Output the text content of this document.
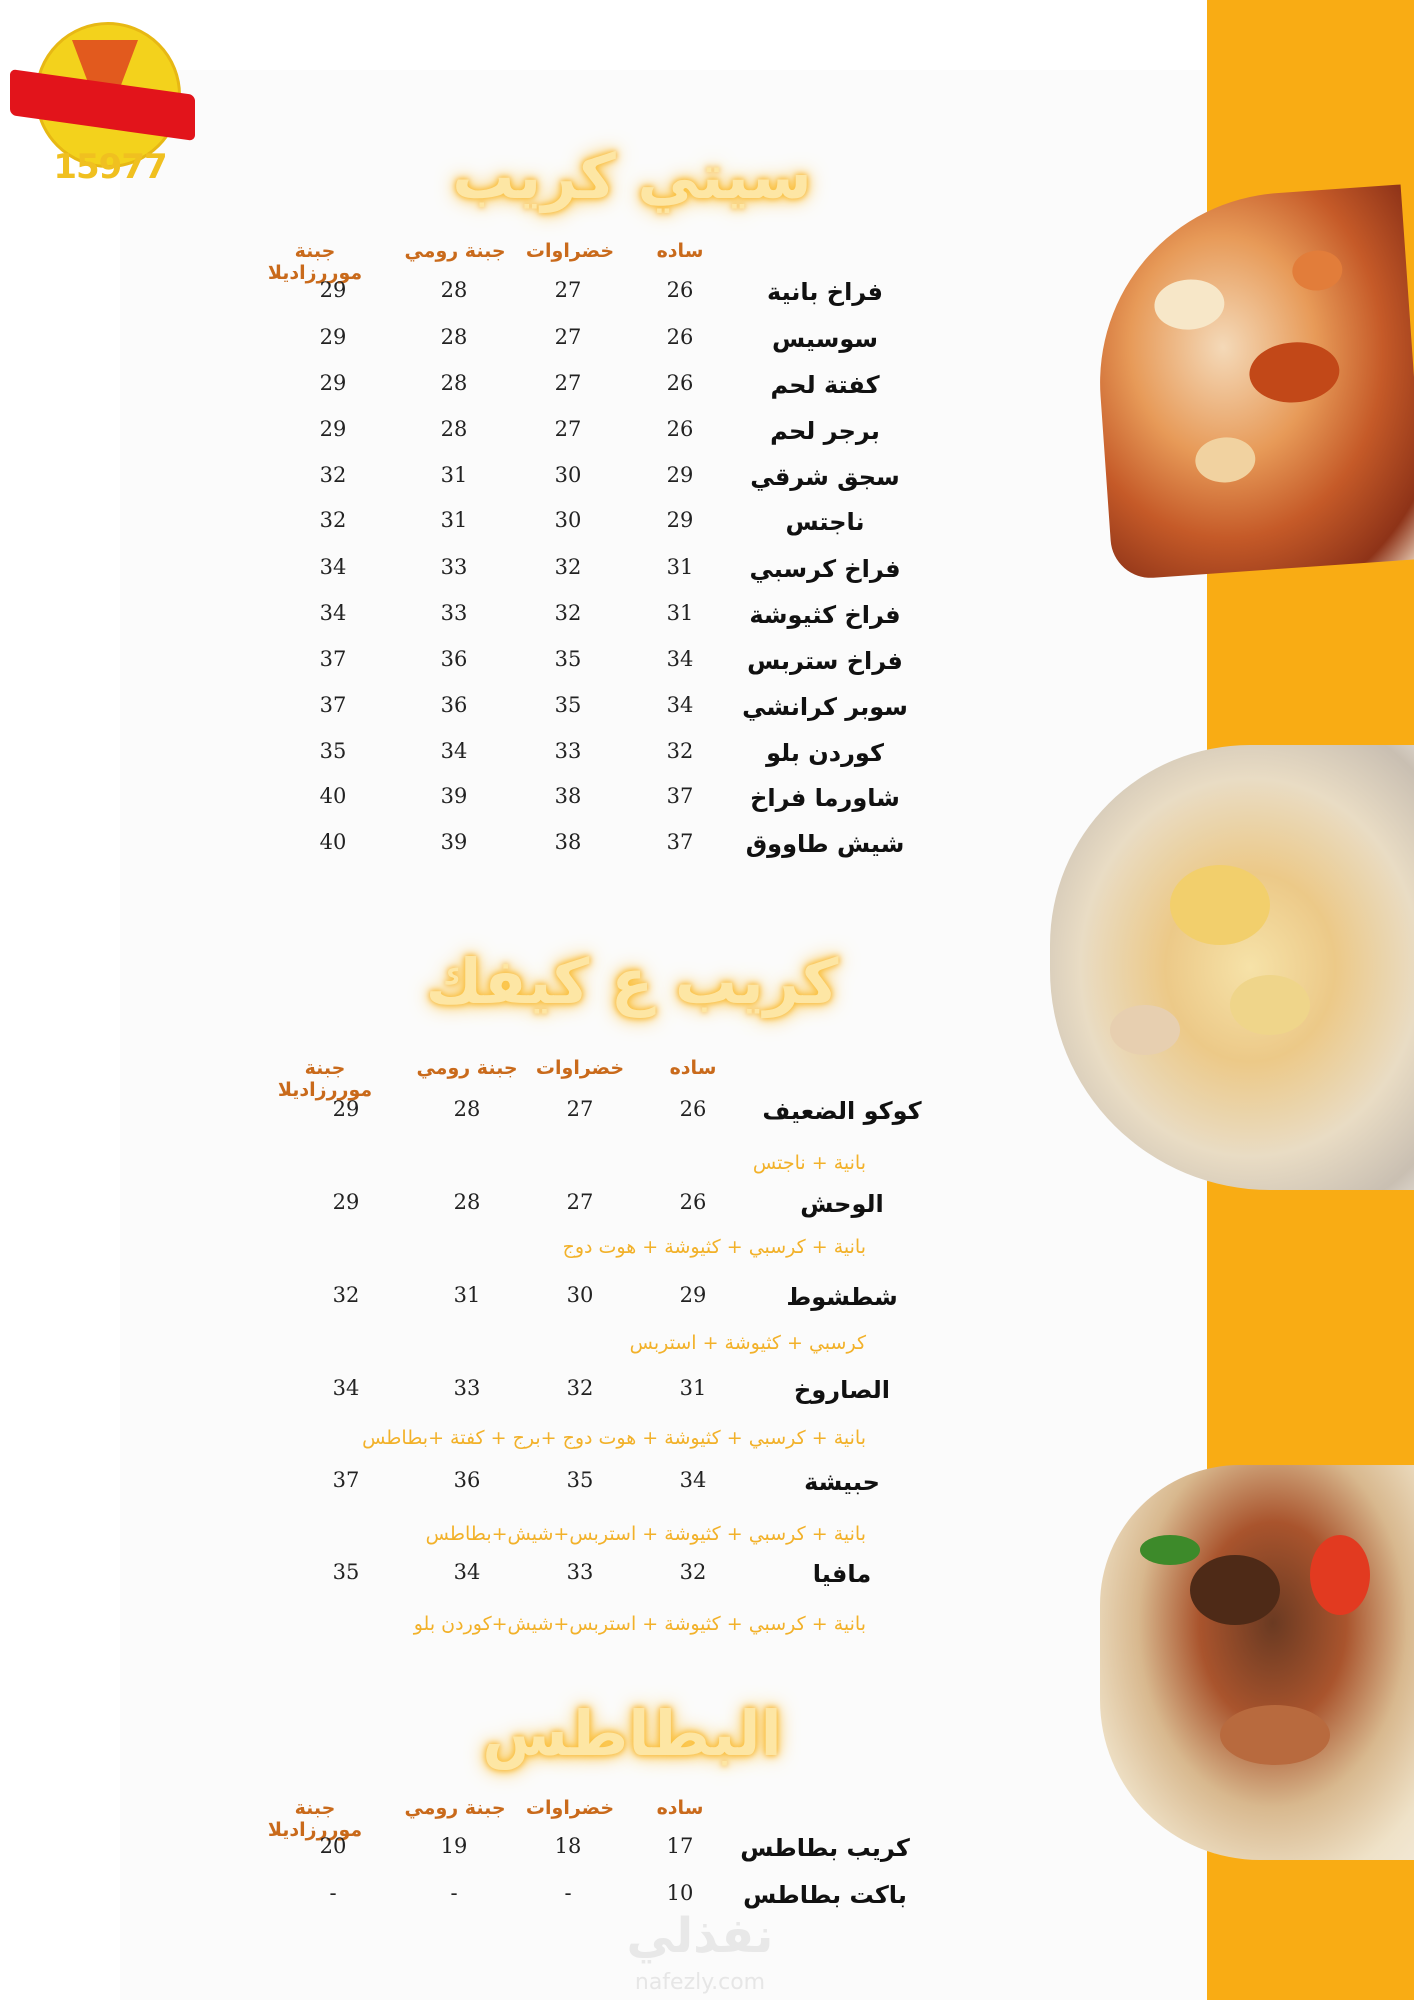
15977	سيتي كريب
ساده
خضراوات
جبنة رومي
جبنة موررزاديلا
فراخ بانية
26
27
28
29
سوسيس
26
27
28
29
كفتة لحم
26
27
28
29
برجر لحم
26
27
28
29
سجق شرقي
29
30
31
32
ناجتس
29
30
31
32
فراخ كرسبي
31
32
33
34
فراخ كثيوشة
31
32
33
34
فراخ ستربس
34
35
36
37
سوبر كرانشي
34
35
36
37
كوردن بلو
32
33
34
35
شاورما فراخ
37
38
39
40
شيش طاووق
37
38
39
40
كريب ع كيفك
ساده
خضراوات
جبنة رومي
جبنة موررزاديلا
كوكو الضعيف
26
27
28
29
بانية + ناجتس
الوحش
26
27
28
29
بانية + كرسبي + كثيوشة + هوت دوج
شطشوط
29
30
31
32
كرسبي + كثيوشة + استربس
الصاروخ
31
32
33
34
بانية + كرسبي + كثيوشة + هوت دوج +برج + كفتة +بطاطس
حبيشة
34
35
36
37
بانية + كرسبي + كثيوشة + استربس+شيش+بطاطس
مافيا
32
33
34
35
بانية + كرسبي + كثيوشة + استربس+شيش+كوردن بلو
البطاطس
ساده
خضراوات
جبنة رومي
جبنة موررزاديلا
كريب بطاطس
17
18
19
20
باكت بطاطس
10
-
-
-
نفذلي
nafezly.com
